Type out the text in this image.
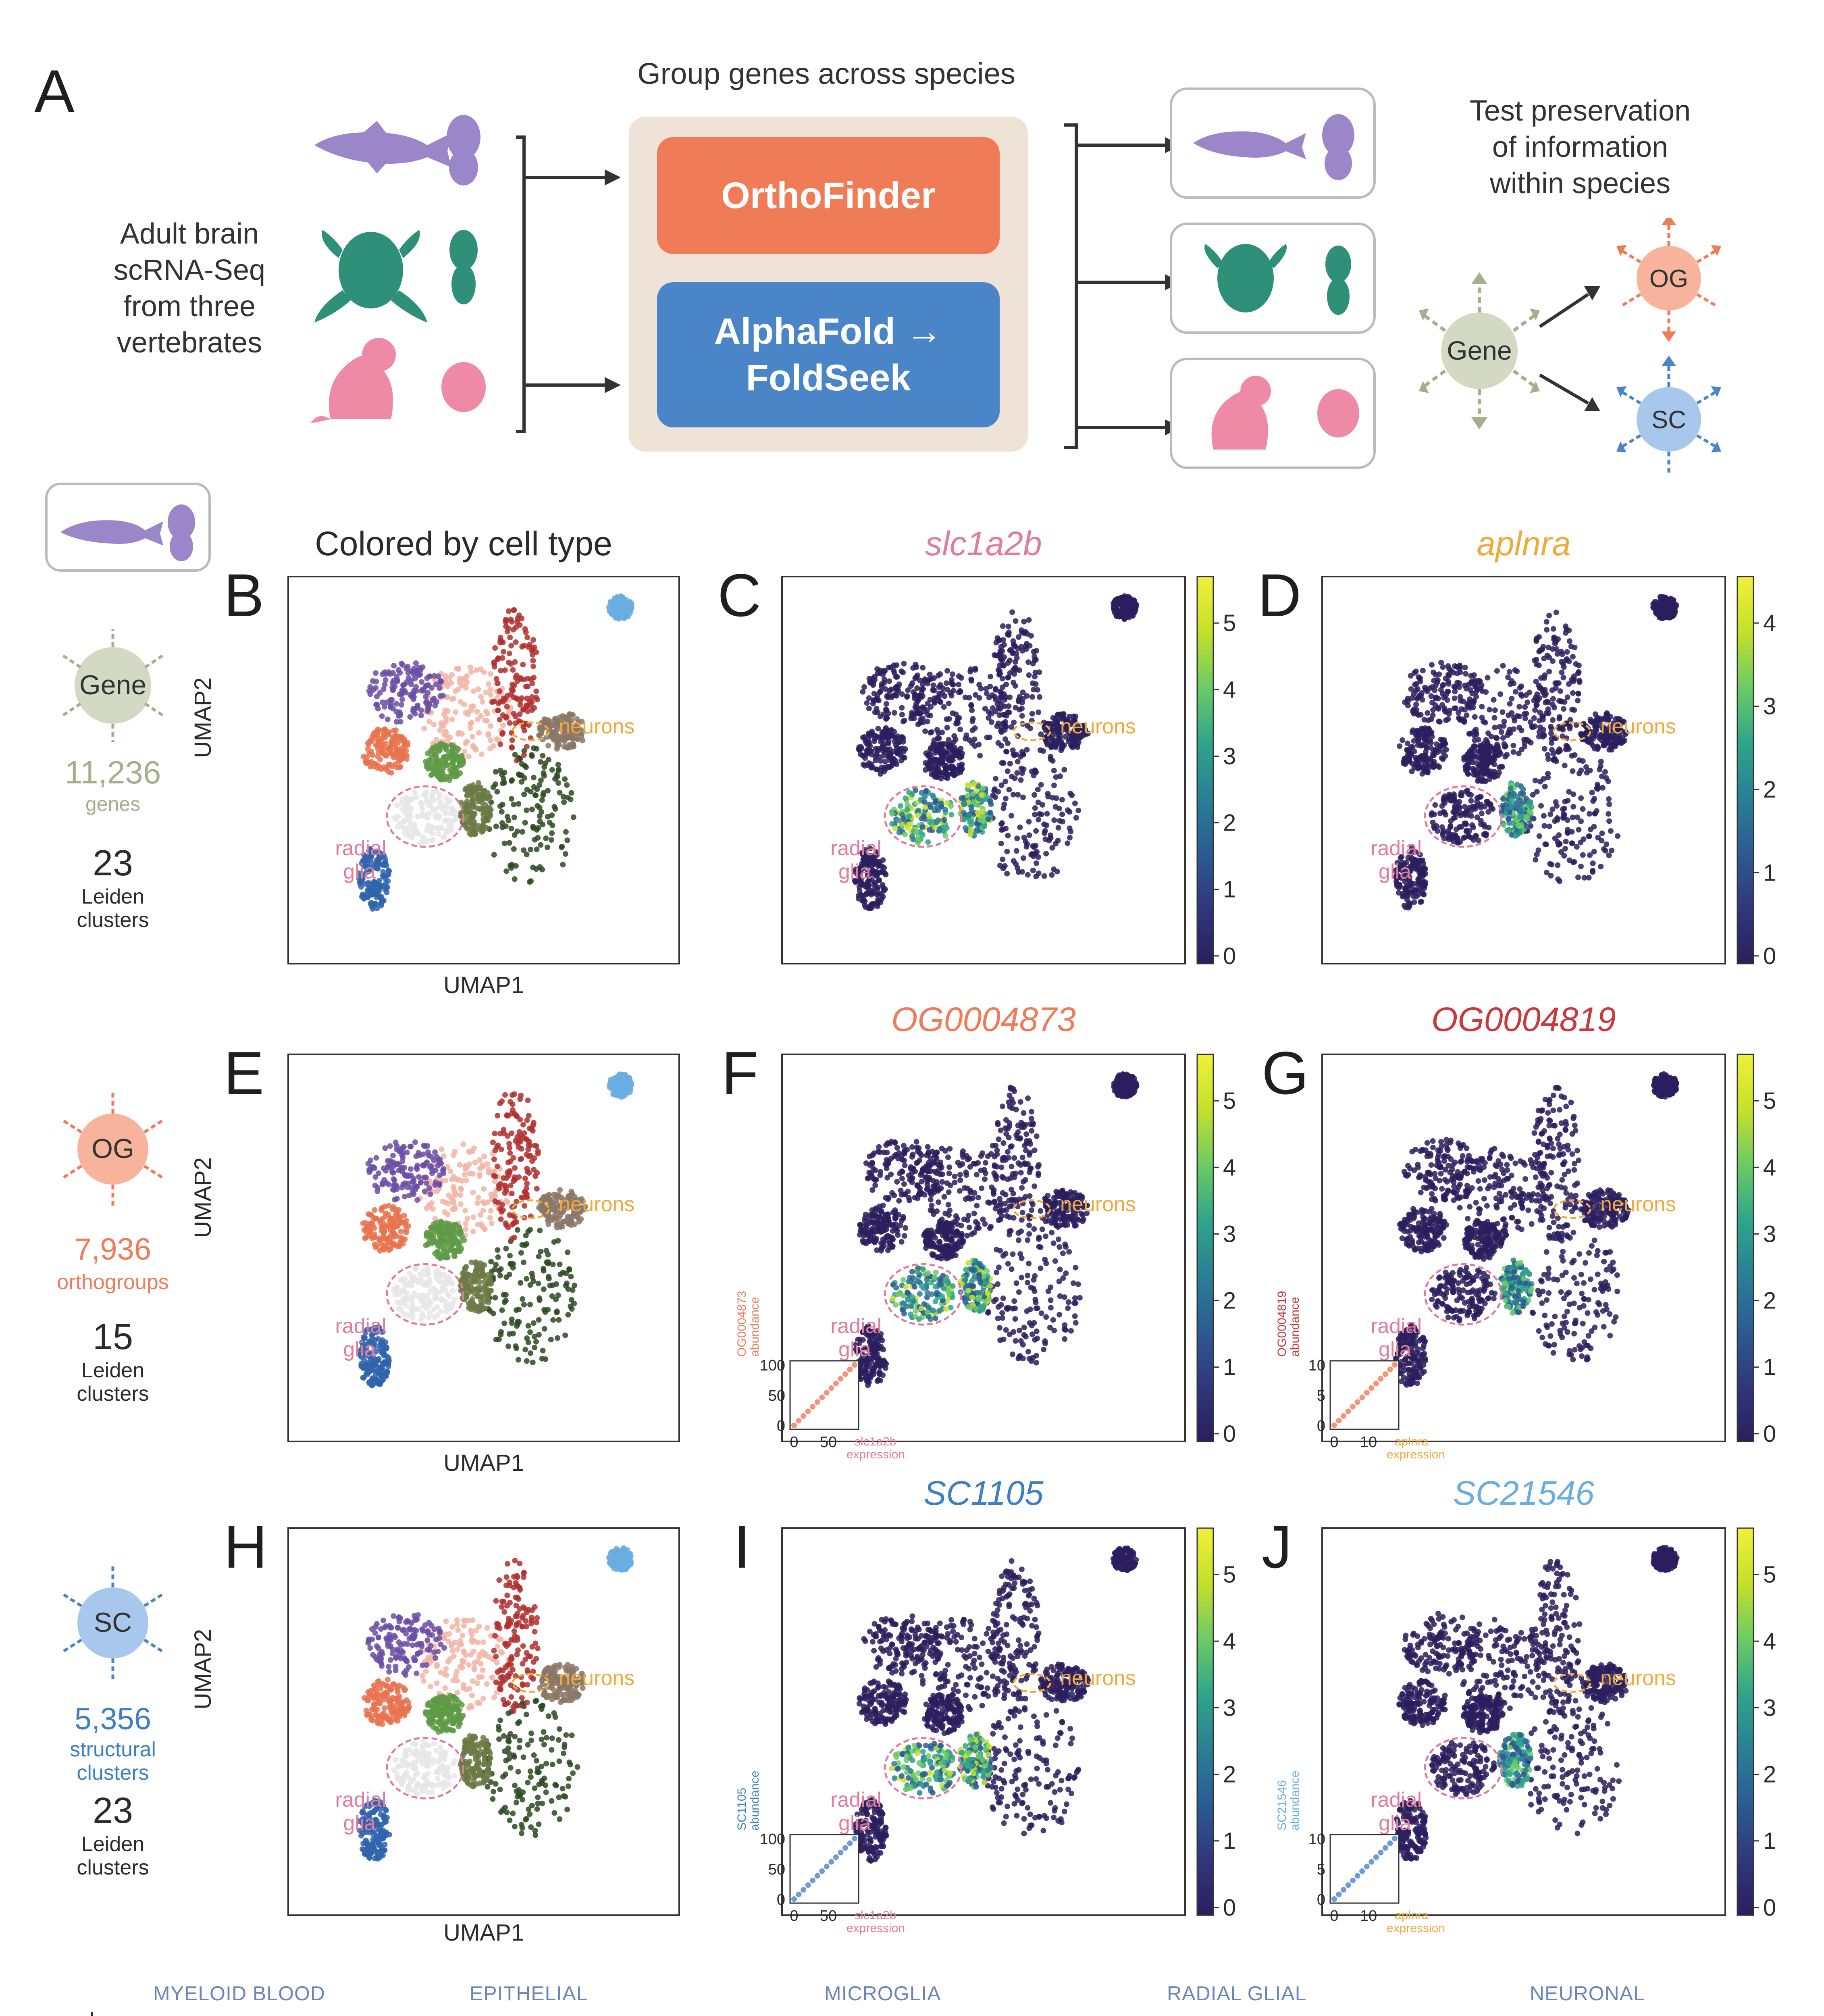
A
Adult brain
scRNA-Seq
from three
vertebrates
Group genes across species
OrthoFinder
AlphaFold →
FoldSeek
Test preservation
of information
within species
Gene
OG
SC
Gene
11,236
genes
23
Leiden
clusters
OG
7,936
orthogroups
15
Leiden
clusters
SC
5,356
structural
clusters
23
Leiden
clusters
B	C	D
E	F	G
H	I	J
Colored by cell type	slc1a2b	aplnra
OG0004873	OG0004819
SC1105	SC21546
UMAP1
UMAP2
UMAP1
UMAP2
UMAP1
UMAP2
neurons
radial
glia
neurons
radial
glia
5
4
3
2
1
0
neurons
radial
glia
4
3
2
1
0
neurons
radial
glia
neurons
radial
glia
5
4
3
2
1
0
100
50
0
0 50 slc1a2b
expression
OG0004873 abundance
neurons
radial
glia
5
4
3
2
1
0
10
5
0
0 10 aplnra
expression
OG0004819 abundance
neurons
radial
glia
neurons
radial
glia
5
4
3
2
1
0
100
50
0
0 50 slc1a2b
expression
SC1105 abundance
neurons
radial
glia
5
4
3
2
1
0
10
5
0
0 10 aplnra
expression
SC21546 abundance
MYELOID BLOOD	EPITHELIAL	MICROGLIA	RADIAL GLIAL	NEURONAL
